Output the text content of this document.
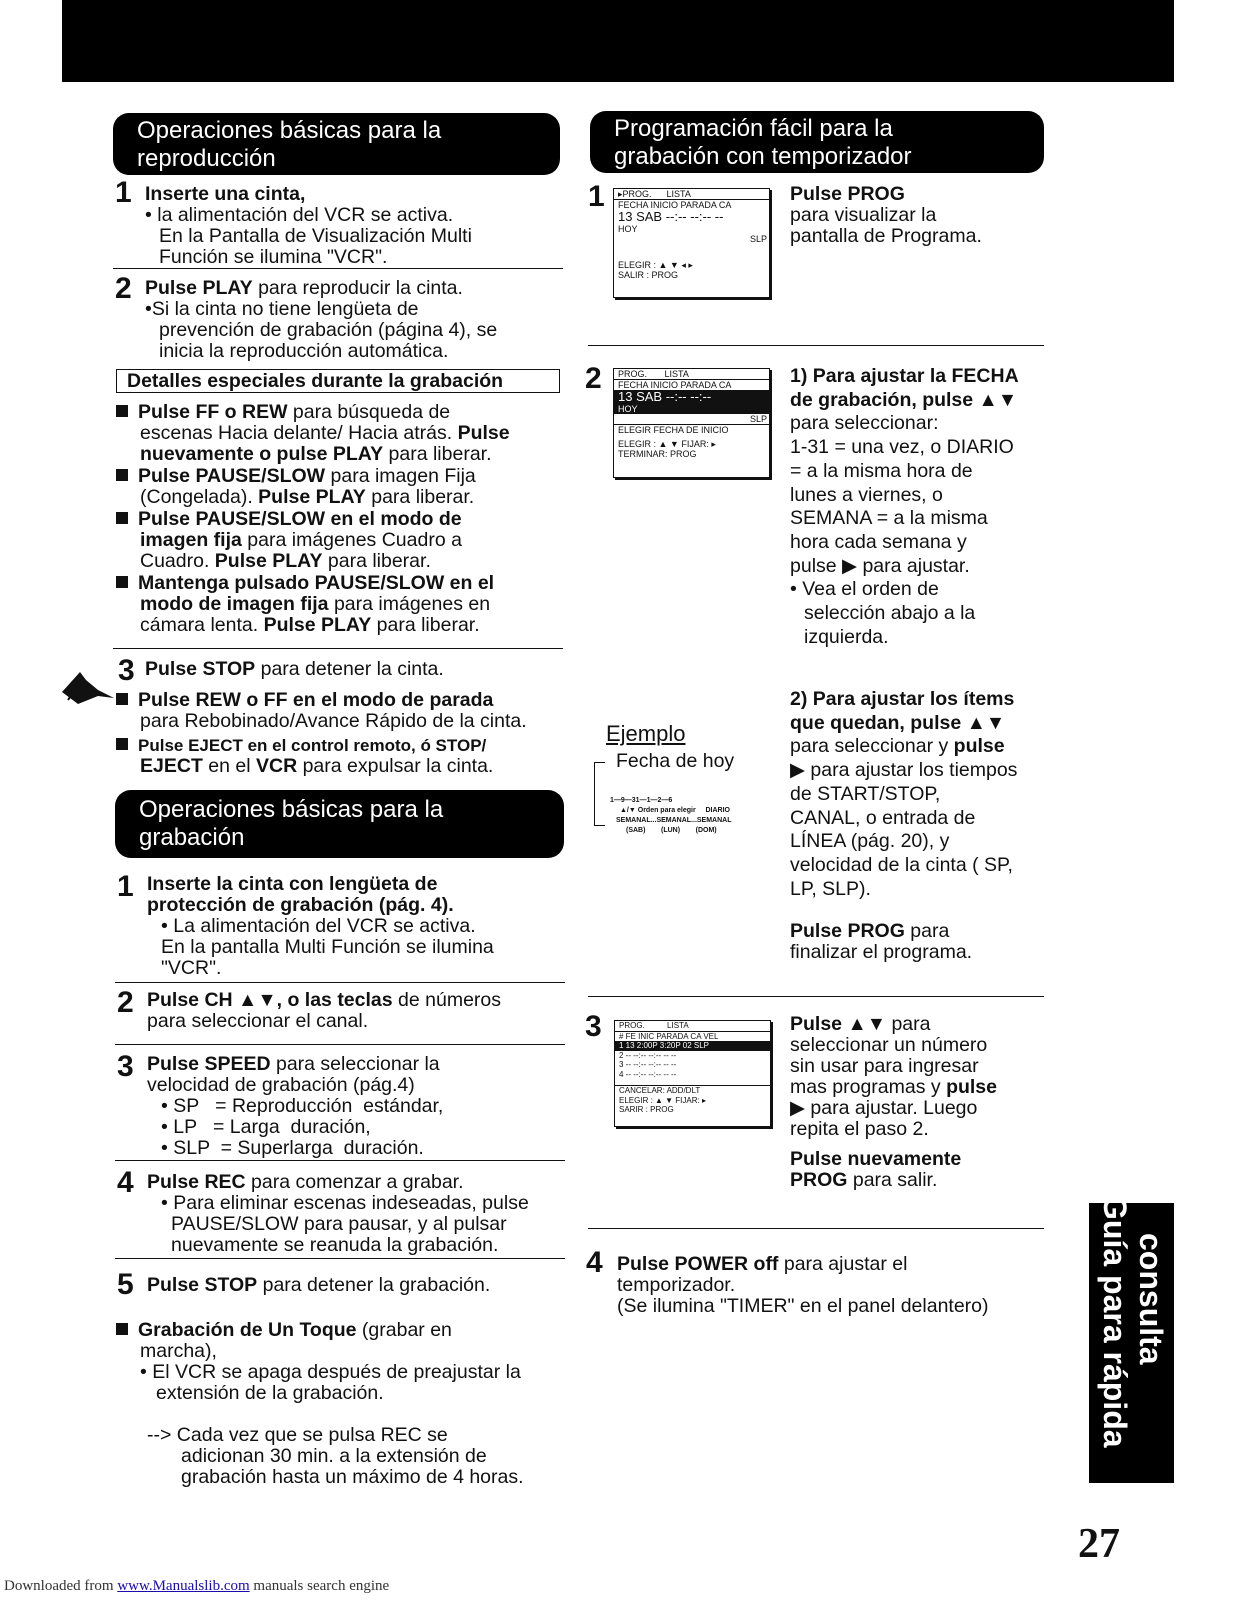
Operaciones básicas para la
reproducción
1 Inserte una cinta,
• la alimentación del VCR se activa.
En la Pantalla de Visualización Multi
Función se ilumina "VCR".
2 Pulse PLAY para reproducir la cinta.
•Si la cinta no tiene lengüeta de
prevención de grabación (página 4), se
inicia la reproducción automática.
Detalles especiales durante la grabación
Pulse FF o REW para búsqueda de
escenas Hacia delante/ Hacia atrás. Pulse
nuevamente o pulse PLAY para liberar.
Pulse PAUSE/SLOW para imagen Fija
(Congelada). Pulse PLAY para liberar.
Pulse PAUSE/SLOW en el modo de
imagen fija para imágenes Cuadro a
Cuadro. Pulse PLAY para liberar.
Mantenga pulsado PAUSE/SLOW en el
modo de imagen fija para imágenes en
cámara lenta. Pulse PLAY para liberar.
3 Pulse STOP para detener la cinta.
Pulse REW o FF en el modo de parada
para Rebobinado/Avance Rápido de la cinta.
Pulse EJECT en el control remoto, ó STOP/
EJECT en el VCR para expulsar la cinta.
Operaciones básicas para la
grabación
1 Inserte la cinta con lengüeta de
protección de grabación (pág. 4).
• La alimentación del VCR se activa.
En la pantalla Multi Función se ilumina
"VCR".
2 Pulse CH ▲▼, o las teclas de números
para seleccionar el canal.
3 Pulse SPEED para seleccionar la
velocidad de grabación (pág.4)
• SP   = Reproducción  estándar,
• LP   = Larga  duración,
• SLP  = Superlarga  duración.
4 Pulse REC para comenzar a grabar.
• Para eliminar escenas indeseadas, pulse
PAUSE/SLOW para pausar, y al pulsar
nuevamente se reanuda la grabación.
5 Pulse STOP para detener la grabación.
Grabación de Un Toque (grabar en
marcha),
• El VCR se apaga después de preajustar la
extensión de la grabación.
--> Cada vez que se pulsa REC se
adicionan 30 min. a la extensión de
grabación hasta un máximo de 4 horas.
Programación fácil para la
grabación con temporizador
1	▸PROG. LISTA
FECHA INICIO PARADA CA
13 SAB --:-- --:-- --
HOY
SLP
ELEGIR : ▲ ▼ ◂ ▸
SALIR : PROG
Pulse PROG
para visualizar la
pantalla de Programa.
2	PROG. LISTA
FECHA INICIO PARADA CA
13 SAB --:-- --:--
HOY
SLP
ELEGIR FECHA DE INICIO
ELEGIR : ▲ ▼ FIJAR: ▸
TERMINAR: PROG
1) Para ajustar la FECHA
de grabación, pulse ▲▼
para seleccionar:
1-31 = una vez, o DIARIO
= a la misma hora de
lunes a viernes, o
SEMANA = a la misma
hora cada semana y
pulse ▶ para ajustar.
• Vea el orden de
selección abajo a la
izquierda.
2) Para ajustar los ítems
que quedan, pulse ▲▼
para seleccionar y pulse
▶ para ajustar los tiempos
de START/STOP,
CANAL, o entrada de
LÍNEA (pág. 20), y
velocidad de la cinta ( SP,
LP, SLP).
Pulse PROG para
finalizar el programa.
Ejemplo
Fecha de hoy
1—9—31—1—2—6
▲/▼ Orden para elegir DIARIO
SEMANAL...SEMANAL...SEMANAL
(SAB)        (LUN)        (DOM)
3	PROG.	LISTA
# FE INIC PARADA CA VEL
1 13 2:00P 3:20P 02 SLP
2 -- --:-- --:-- -- --
3 -- --:-- --:-- -- --
4 -- --:-- --:-- -- --
CANCELAR: ADD/DLT
ELEGIR : ▲ ▼ FIJAR: ▸
SARIR : PROG
Pulse ▲▼ para
seleccionar un número
sin usar para ingresar
mas programas y pulse
▶ para ajustar. Luego
repita el paso 2.
Pulse nuevamente
PROG para salir.
4 Pulse POWER off para ajustar el
temporizador.
(Se ilumina "TIMER" en el panel delantero)	Guía para rápida consulta
27
Downloaded from www.Manualslib.com manuals search engine
